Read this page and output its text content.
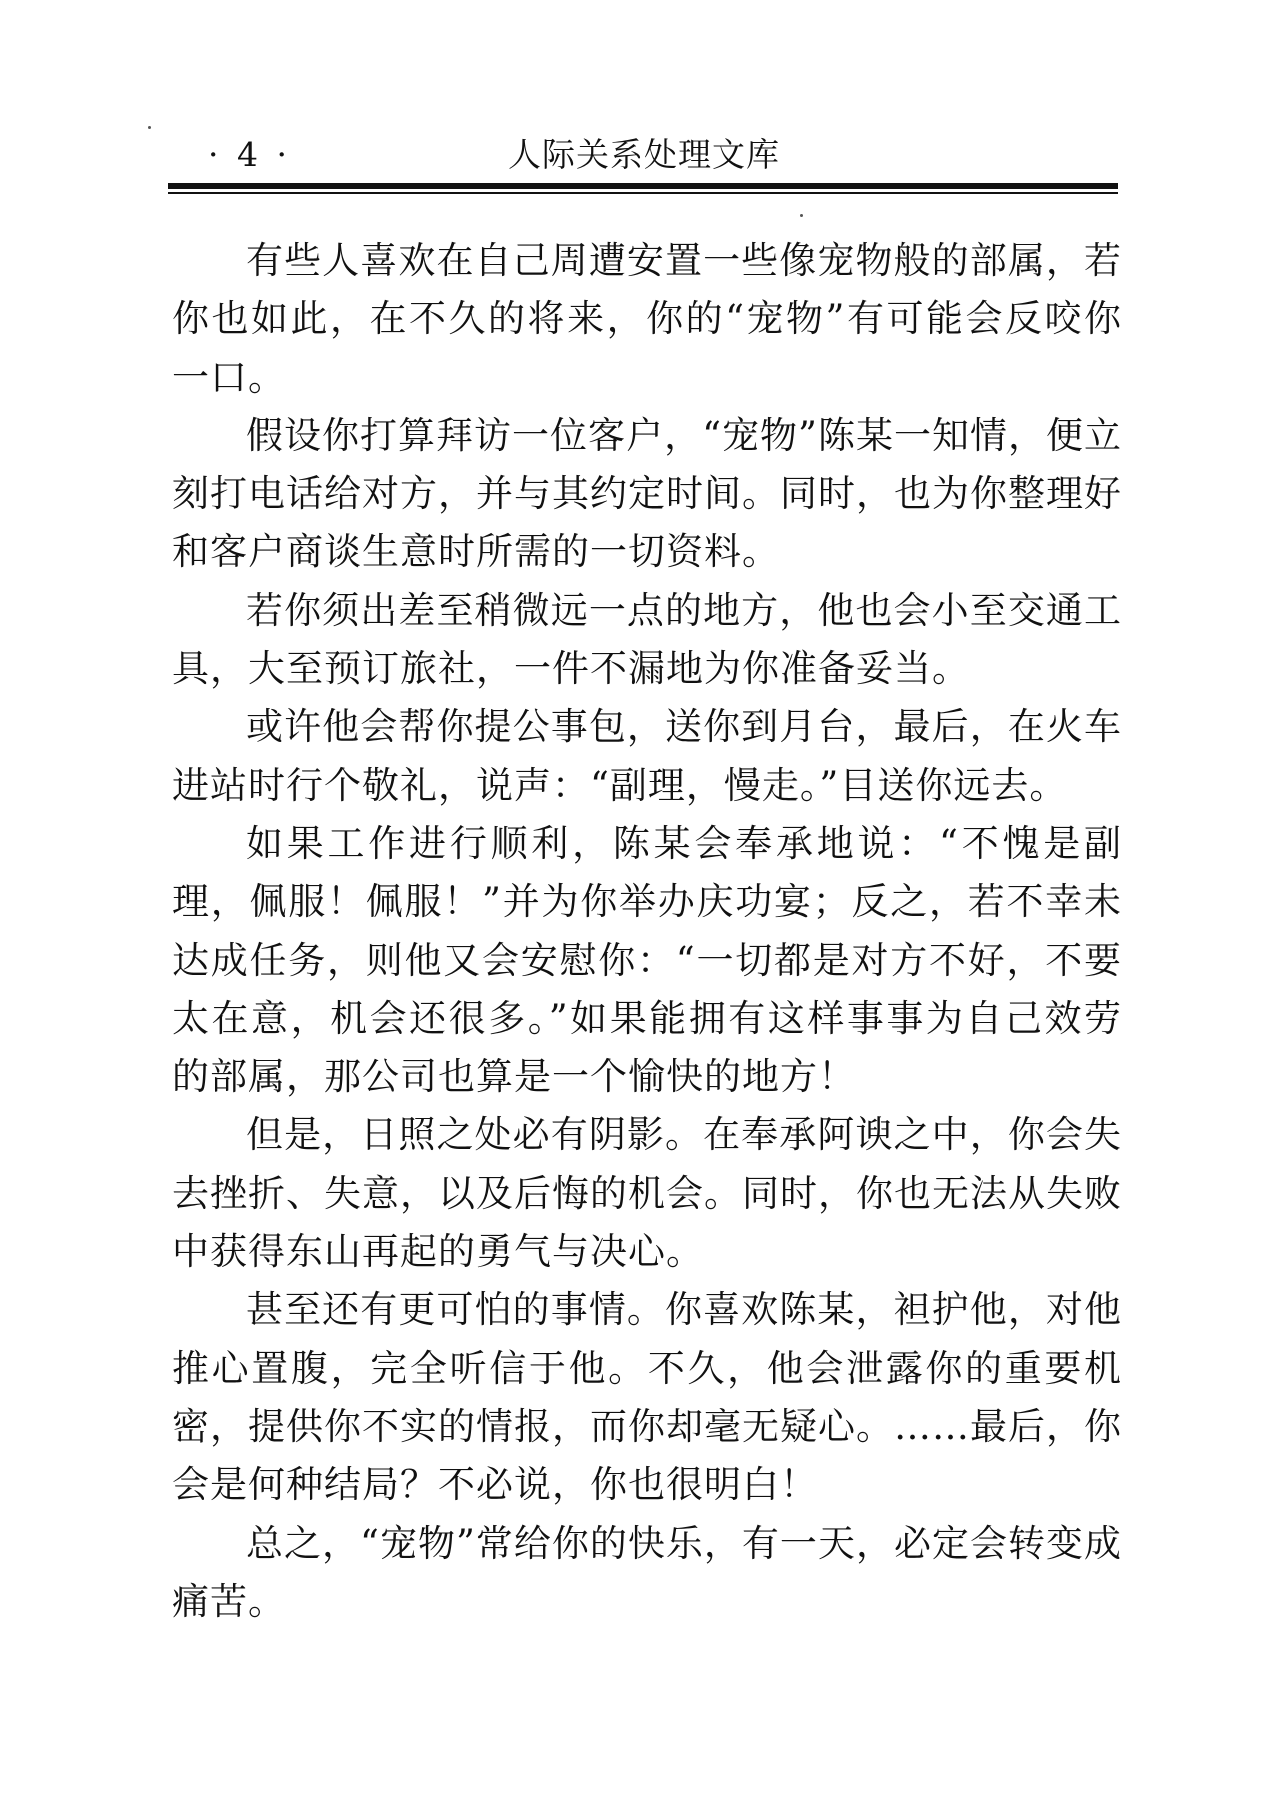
· 4 ·	人际关系处理文库

有些人喜欢在自己周遭安置一些像宠物般的部属，若你也如此，在不久的将来，你的“宠物”有可能会反咬你一口。

假设你打算拜访一位客户，“宠物”陈某一知情，便立刻打电话给对方，并与其约定时间。同时，也为你整理好和客户商谈生意时所需的一切资料。

若你须出差至稍微远一点的地方，他也会小至交通工具，大至预订旅社，一件不漏地为你准备妥当。

或许他会帮你提公事包，送你到月台，最后，在火车进站时行个敬礼，说声：“副理，慢走。”目送你远去。

如果工作进行顺利，陈某会奉承地说：“不愧是副理，佩服！佩服！”并为你举办庆功宴；反之，若不幸未达成任务，则他又会安慰你：“一切都是对方不好，不要太在意，机会还很多。”如果能拥有这样事事为自己效劳的部属，那公司也算是一个愉快的地方！

但是，日照之处必有阴影。在奉承阿谀之中，你会失去挫折、失意，以及后悔的机会。同时，你也无法从失败中获得东山再起的勇气与决心。

甚至还有更可怕的事情。你喜欢陈某，袒护他，对他推心置腹，完全听信于他。不久，他会泄露你的重要机密，提供你不实的情报，而你却毫无疑心。……最后，你会是何种结局？不必说，你也很明白！

总之，“宠物”常给你的快乐，有一天，必定会转变成痛苦。
